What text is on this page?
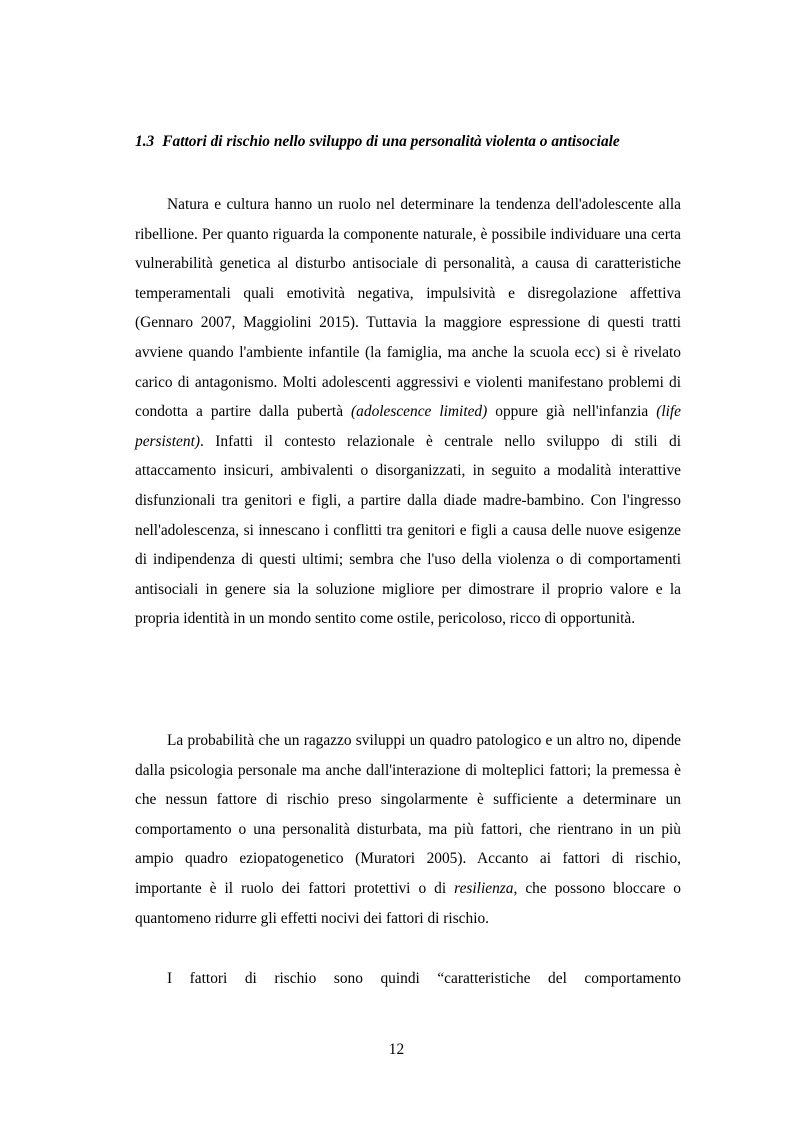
1.3 Fattori di rischio nello sviluppo di una personalità violenta o antisociale

Natura e cultura hanno un ruolo nel determinare la tendenza dell'adolescente alla ribellione. Per quanto riguarda la componente naturale, è possibile individuare una certa vulnerabilità genetica al disturbo antisociale di personalità, a causa di caratteristiche temperamentali quali emotività negativa, impulsività e disregolazione affettiva (Gennaro 2007, Maggiolini 2015). Tuttavia la maggiore espressione di questi tratti avviene quando l'ambiente infantile (la famiglia, ma anche la scuola ecc) si è rivelato carico di antagonismo. Molti adolescenti aggressivi e violenti manifestano problemi di condotta a partire dalla pubertà (adolescence limited) oppure già nell'infanzia (life persistent). Infatti il contesto relazionale è centrale nello sviluppo di stili di attaccamento insicuri, ambivalenti o disorganizzati, in seguito a modalità interattive disfunzionali tra genitori e figli, a partire dalla diade madre-bambino. Con l'ingresso nell'adolescenza, si innescano i conflitti tra genitori e figli a causa delle nuove esigenze di indipendenza di questi ultimi; sembra che l'uso della violenza o di comportamenti antisociali in genere sia la soluzione migliore per dimostrare il proprio valore e la propria identità in un mondo sentito come ostile, pericoloso, ricco di opportunità.

La probabilità che un ragazzo sviluppi un quadro patologico e un altro no, dipende dalla psicologia personale ma anche dall'interazione di molteplici fattori; la premessa è che nessun fattore di rischio preso singolarmente è sufficiente a determinare un comportamento o una personalità disturbata, ma più fattori, che rientrano in un più ampio quadro eziopatogenetico (Muratori 2005). Accanto ai fattori di rischio, importante è il ruolo dei fattori protettivi o di resilienza, che possono bloccare o quantomeno ridurre gli effetti nocivi dei fattori di rischio.

I fattori di rischio sono quindi “caratteristiche del comportamento

12
